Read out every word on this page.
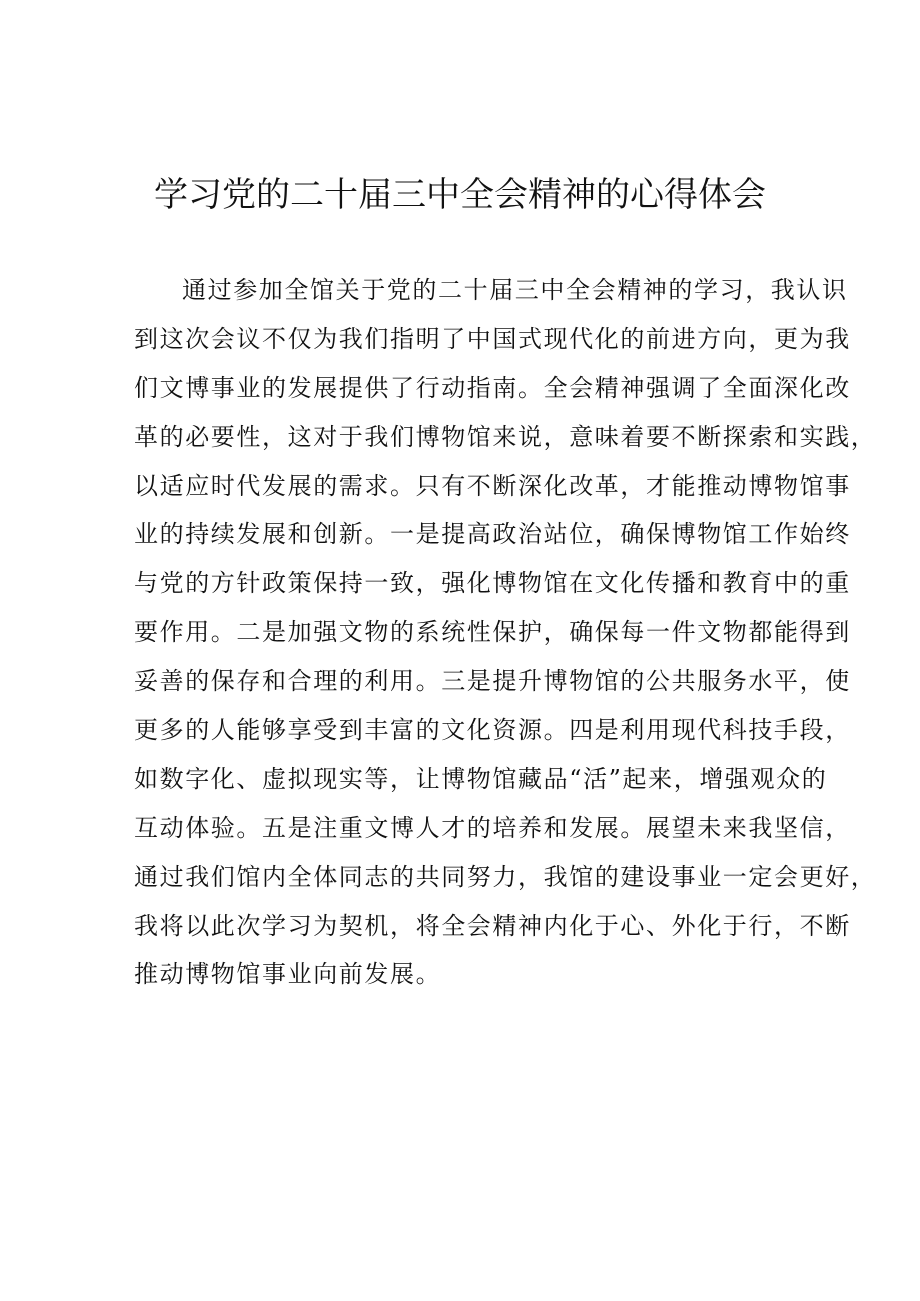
学习党的二十届三中全会精神的心得体会
通过参加全馆关于党的二十届三中全会精神的学习，我认识
到这次会议不仅为我们指明了中国式现代化的前进方向，更为我
们文博事业的发展提供了行动指南。全会精神强调了全面深化改
革的必要性，这对于我们博物馆来说，意味着要不断探索和实践，
以适应时代发展的需求。只有不断深化改革，才能推动博物馆事
业的持续发展和创新。一是提高政治站位，确保博物馆工作始终
与党的方针政策保持一致，强化博物馆在文化传播和教育中的重
要作用。二是加强文物的系统性保护，确保每一件文物都能得到
妥善的保存和合理的利用。三是提升博物馆的公共服务水平，使
更多的人能够享受到丰富的文化资源。四是利用现代科技手段，
如数字化、虚拟现实等，让博物馆藏品“活”起来，增强观众的
互动体验。五是注重文博人才的培养和发展。展望未来我坚信，
通过我们馆内全体同志的共同努力，我馆的建设事业一定会更好，
我将以此次学习为契机，将全会精神内化于心、外化于行，不断
推动博物馆事业向前发展。
